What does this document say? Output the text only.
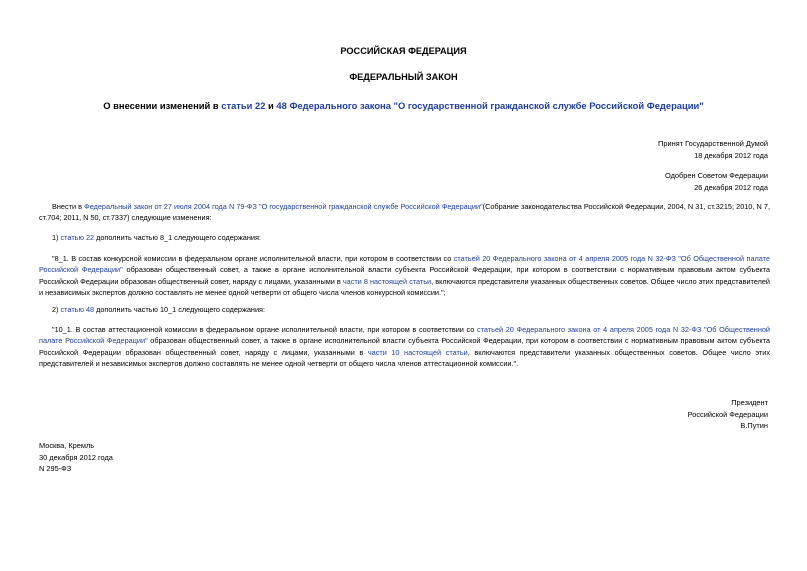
РОССИЙСКАЯ ФЕДЕРАЦИЯ
ФЕДЕРАЛЬНЫЙ ЗАКОН
О внесении изменений в статьи 22 и 48 Федерального закона "О государственной гражданской службе Российской Федерации"
Принят Государственной Думой
18 декабря 2012 года
Одобрен Советом Федерации
26 декабря 2012 года
Внести в Федеральный закон от 27 июля 2004 года N 79-ФЗ "О государственной гражданской службе Российской Федерации"(Собрание законодательства Российской Федерации, 2004, N 31, ст.3215; 2010, N 7, ст.704; 2011, N 50, ст.7337) следующие изменения:
1) статью 22 дополнить частью 8_1 следующего содержания:
"8_1. В состав конкурсной комиссии в федеральном органе исполнительной власти, при котором в соответствии со статьей 20 Федерального закона от 4 апреля 2005 года N 32-ФЗ "Об Общественной палате Российской Федерации" образован общественный совет, а также в органе исполнительной власти субъекта Российской Федерации, при котором в соответствии с нормативным правовым актом субъекта Российской Федерации образован общественный совет, наряду с лицами, указанными в части 8 настоящей статьи, включаются представители указанных общественных советов. Общее число этих представителей и независимых экспертов должно составлять не менее одной четверти от общего числа членов конкурсной комиссии.";
2) статью 48 дополнить частью 10_1 следующего содержания:
"10_1. В состав аттестационной комиссии в федеральном органе исполнительной власти, при котором в соответствии со статьей 20 Федерального закона от 4 апреля 2005 года N 32-ФЗ "Об Общественной палате Российской Федерации" образован общественный совет, а также в органе исполнительной власти субъекта Российской Федерации, при котором в соответствии с нормативным правовым актом субъекта Российской Федерации образован общественный совет, наряду с лицами, указанными в части 10 настоящей статьи, включаются представители указанных общественных советов. Общее число этих представителей и независимых экспертов должно составлять не менее одной четверти от общего числа членов аттестационной комиссии.".
Президент
Российской Федерации
В.Путин
Москва, Кремль
30 декабря 2012 года
N 295-ФЗ
